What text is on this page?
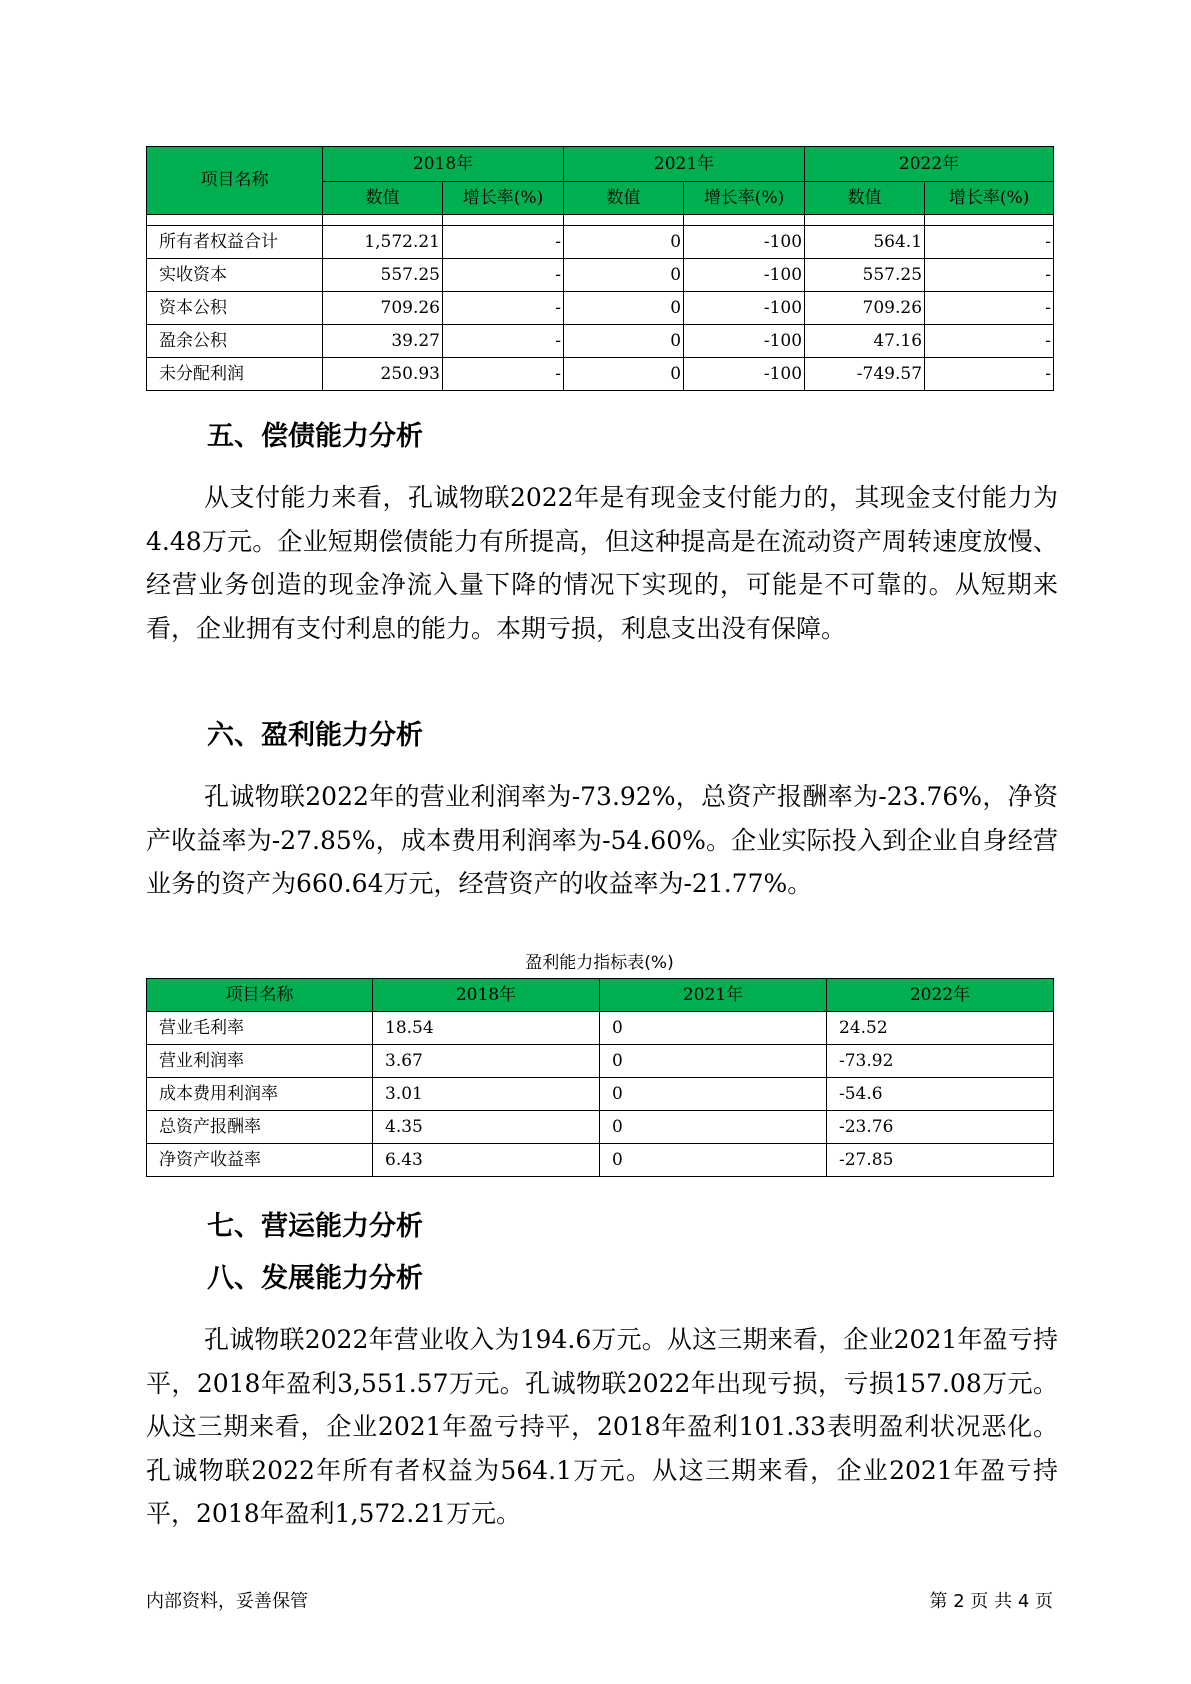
项目名称	2018年		2021年		2022年	
	数值	增长率(%)	数值	增长率(%)	数值	增长率(%)

所有者权益合计	1,572.21	-	0	-100	564.1	-
实收资本	557.25	-	0	-100	557.25	-
资本公积	709.26	-	0	-100	709.26	-
盈余公积	39.27	-	0	-100	47.16	-
未分配利润	250.93	-	0	-100	-749.57	-
五、偿债能力分析

从支付能力来看，孔诚物联2022年是有现金支付能力的，其现金支付能力为4.48万元。企业短期偿债能力有所提高，但这种提高是在流动资产周转速度放慢、经营业务创造的现金净流入量下降的情况下实现的，可能是不可靠的。从短期来看，企业拥有支付利息的能力。本期亏损，利息支出没有保障。

六、盈利能力分析

孔诚物联2022年的营业利润率为-73.92%，总资产报酬率为-23.76%，净资产收益率为-27.85%，成本费用利润率为-54.60%。企业实际投入到企业自身经营业务的资产为660.64万元，经营资产的收益率为-21.77%。

盈利能力指标表(%)
项目名称	2018年	2021年	2022年
营业毛利率	18.54	0	24.52
营业利润率	3.67	0	-73.92
成本费用利润率	3.01	0	-54.6
总资产报酬率	4.35	0	-23.76
净资产收益率	6.43	0	-27.85
七、营运能力分析
八、发展能力分析

孔诚物联2022年营业收入为194.6万元。从这三期来看，企业2021年盈亏持平，2018年盈利3,551.57万元。孔诚物联2022年出现亏损，亏损157.08万元。从这三期来看，企业2021年盈亏持平，2018年盈利101.33表明盈利状况恶化。孔诚物联2022年所有者权益为564.1万元。从这三期来看，企业2021年盈亏持平，2018年盈利1,572.21万元。

内部资料，妥善保管	第 2 页 共 4 页
